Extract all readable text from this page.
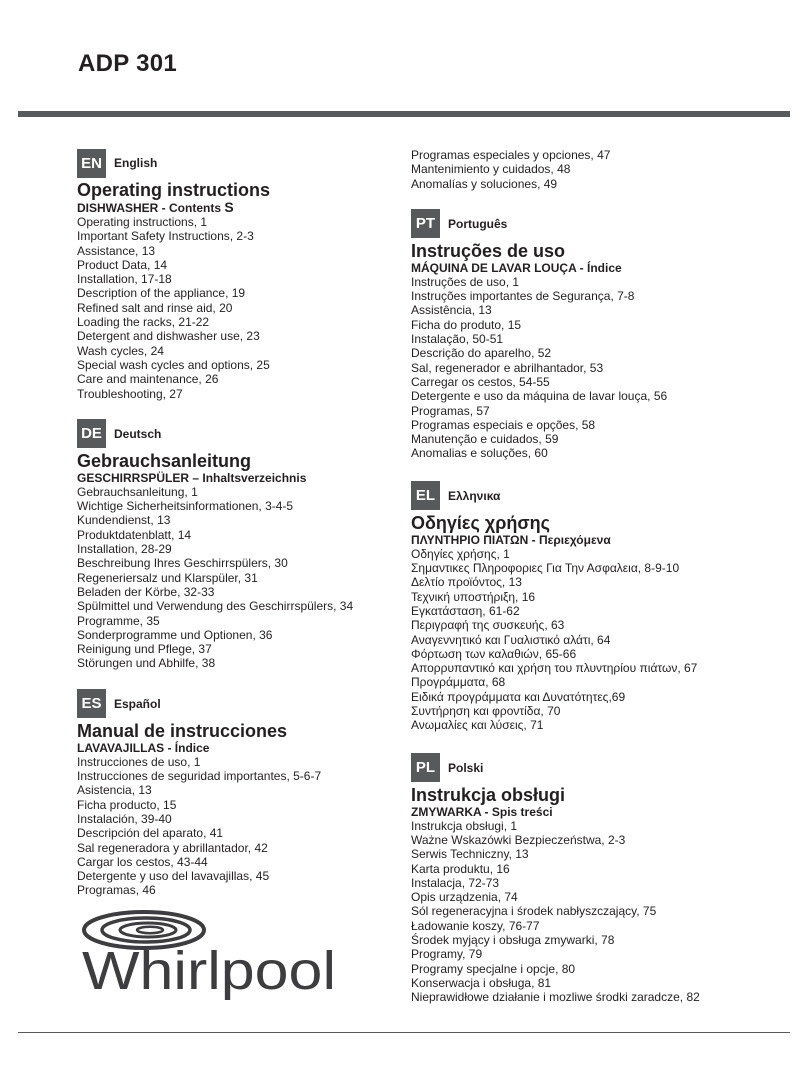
ADP 301
EN	English
Operating instructions
DISHWASHER - Contents S
Operating instructions, 1
Important Safety Instructions, 2-3
Assistance, 13
Product Data, 14
Installation, 17-18
Description of the appliance, 19
Refined salt and rinse aid, 20
Loading the racks, 21-22
Detergent and dishwasher use, 23
Wash cycles, 24
Special wash cycles and options, 25
Care and maintenance, 26
Troubleshooting, 27
DE	Deutsch
Gebrauchsanleitung
GESCHIRRSPÜLER – Inhaltsverzeichnis
Gebrauchsanleitung, 1
Wichtige Sicherheitsinformationen, 3-4-5
Kundendienst, 13
Produktdatenblatt, 14
Installation, 28-29
Beschreibung Ihres Geschirrspülers, 30
Regeneriersalz und Klarspüler, 31
Beladen der Körbe, 32-33
Spülmittel und Verwendung des Geschirrspülers, 34
Programme, 35
Sonderprogramme und Optionen, 36
Reinigung und Pflege, 37
Störungen und Abhilfe, 38
ES	Español
Manual de instrucciones
LAVAVAJILLAS - Índice
Instrucciones de uso, 1
Instrucciones de seguridad importantes, 5-6-7
Asistencia, 13
Ficha producto, 15
Instalación, 39-40
Descripción del aparato, 41
Sal regeneradora y abrillantador, 42
Cargar los cestos, 43-44
Detergente y uso del lavavajillas, 45
Programas, 46
Programas especiales y opciones, 47
Mantenimiento y cuidados, 48
Anomalías y soluciones, 49
PT	Português
Instruções de uso
MÁQUINA DE LAVAR LOUÇA - Índice
Instruções de uso, 1
Instruções importantes de Segurança, 7-8
Assistência, 13
Ficha do produto, 15
Instalação, 50-51
Descrição do aparelho, 52
Sal, regenerador e abrilhantador, 53
Carregar os cestos, 54-55
Detergente e uso da máquina de lavar louça, 56
Programas, 57
Programas especiais e opções, 58
Manutenção e cuidados, 59
Anomalias e soluções, 60
EL	Ελληνικα
Οδηγίες χρήσης
ΠΛΥΝΤΗΡΙΟ ΠΙΑΤΩΝ - Περιεχόμενα
Οδηγίες χρήσης, 1
Σημαντικες Πληροφοριες Για Την Ασφαλεια, 8-9-10
Δελτίο προϊόντος, 13
Τεχνική υποστήριξη, 16
Εγκατάσταση, 61-62
Περιγραφή της συσκευής, 63
Αναγεννητικό και Γυαλιστικό αλάτι, 64
Φόρτωση των καλαθιών, 65-66
Απορρυπαντικό και χρήση του πλυντηρίου πιάτων, 67
Προγράμματα, 68
Ειδικά προγράμματα και Δυνατότητες,69
Συντήρηση και φροντίδα, 70
Ανωμαλίες και λύσεις, 71
PL	Polski
Instrukcja obsługi
ZMYWARKA - Spis treści
Instrukcja obsługi, 1
Ważne Wskazówki Bezpieczeństwa, 2-3
Serwis Techniczny, 13
Karta produktu, 16
Instalacja, 72-73
Opis urządzenia, 74
Sól regeneracyjna i środek nabłyszczający, 75
Ładowanie koszy, 76-77
Środek myjący i obsługa zmywarki, 78
Programy, 79
Programy specjalne i opcje, 80
Konserwacja i obsługa, 81
Nieprawidłowe działanie i mozliwe środki zaradcze, 82
Whirlpool
